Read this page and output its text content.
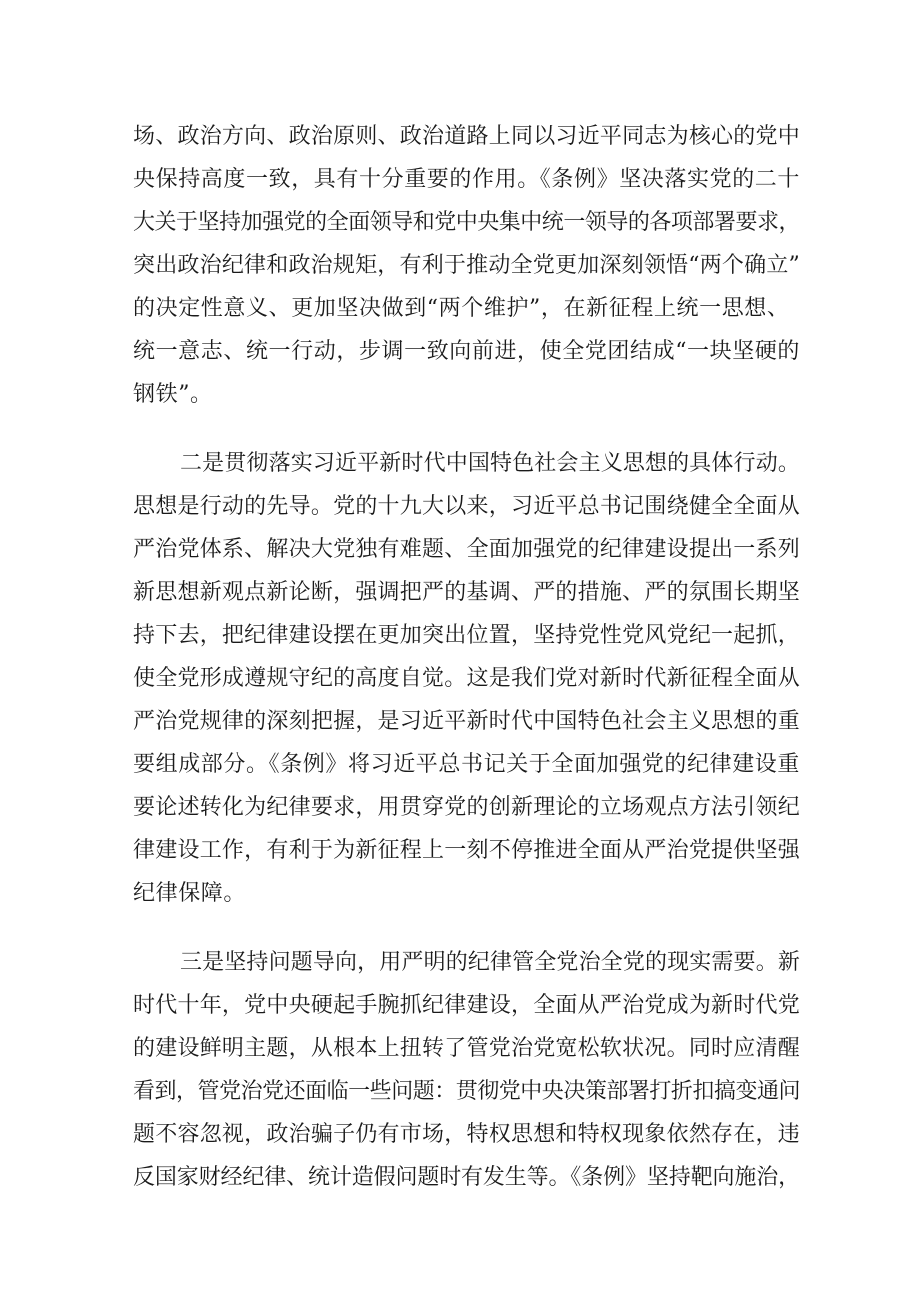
场、政治方向、政治原则、政治道路上同以习近平同志为核心的党中
央保持高度一致，具有十分重要的作用。《条例》坚决落实党的二十
大关于坚持加强党的全面领导和党中央集中统一领导的各项部署要求，
突出政治纪律和政治规矩，有利于推动全党更加深刻领悟“两个确立”
的决定性意义、更加坚决做到“两个维护”，在新征程上统一思想、
统一意志、统一行动，步调一致向前进，使全党团结成“一块坚硬的
钢铁”。
二是贯彻落实习近平新时代中国特色社会主义思想的具体行动。
思想是行动的先导。党的十九大以来，习近平总书记围绕健全全面从
严治党体系、解决大党独有难题、全面加强党的纪律建设提出一系列
新思想新观点新论断，强调把严的基调、严的措施、严的氛围长期坚
持下去，把纪律建设摆在更加突出位置，坚持党性党风党纪一起抓，
使全党形成遵规守纪的高度自觉。这是我们党对新时代新征程全面从
严治党规律的深刻把握，是习近平新时代中国特色社会主义思想的重
要组成部分。《条例》将习近平总书记关于全面加强党的纪律建设重
要论述转化为纪律要求，用贯穿党的创新理论的立场观点方法引领纪
律建设工作，有利于为新征程上一刻不停推进全面从严治党提供坚强
纪律保障。
三是坚持问题导向，用严明的纪律管全党治全党的现实需要。新
时代十年，党中央硬起手腕抓纪律建设，全面从严治党成为新时代党
的建设鲜明主题，从根本上扭转了管党治党宽松软状况。同时应清醒
看到，管党治党还面临一些问题：贯彻党中央决策部署打折扣搞变通问
题不容忽视，政治骗子仍有市场，特权思想和特权现象依然存在，违
反国家财经纪律、统计造假问题时有发生等。《条例》坚持靶向施治，
